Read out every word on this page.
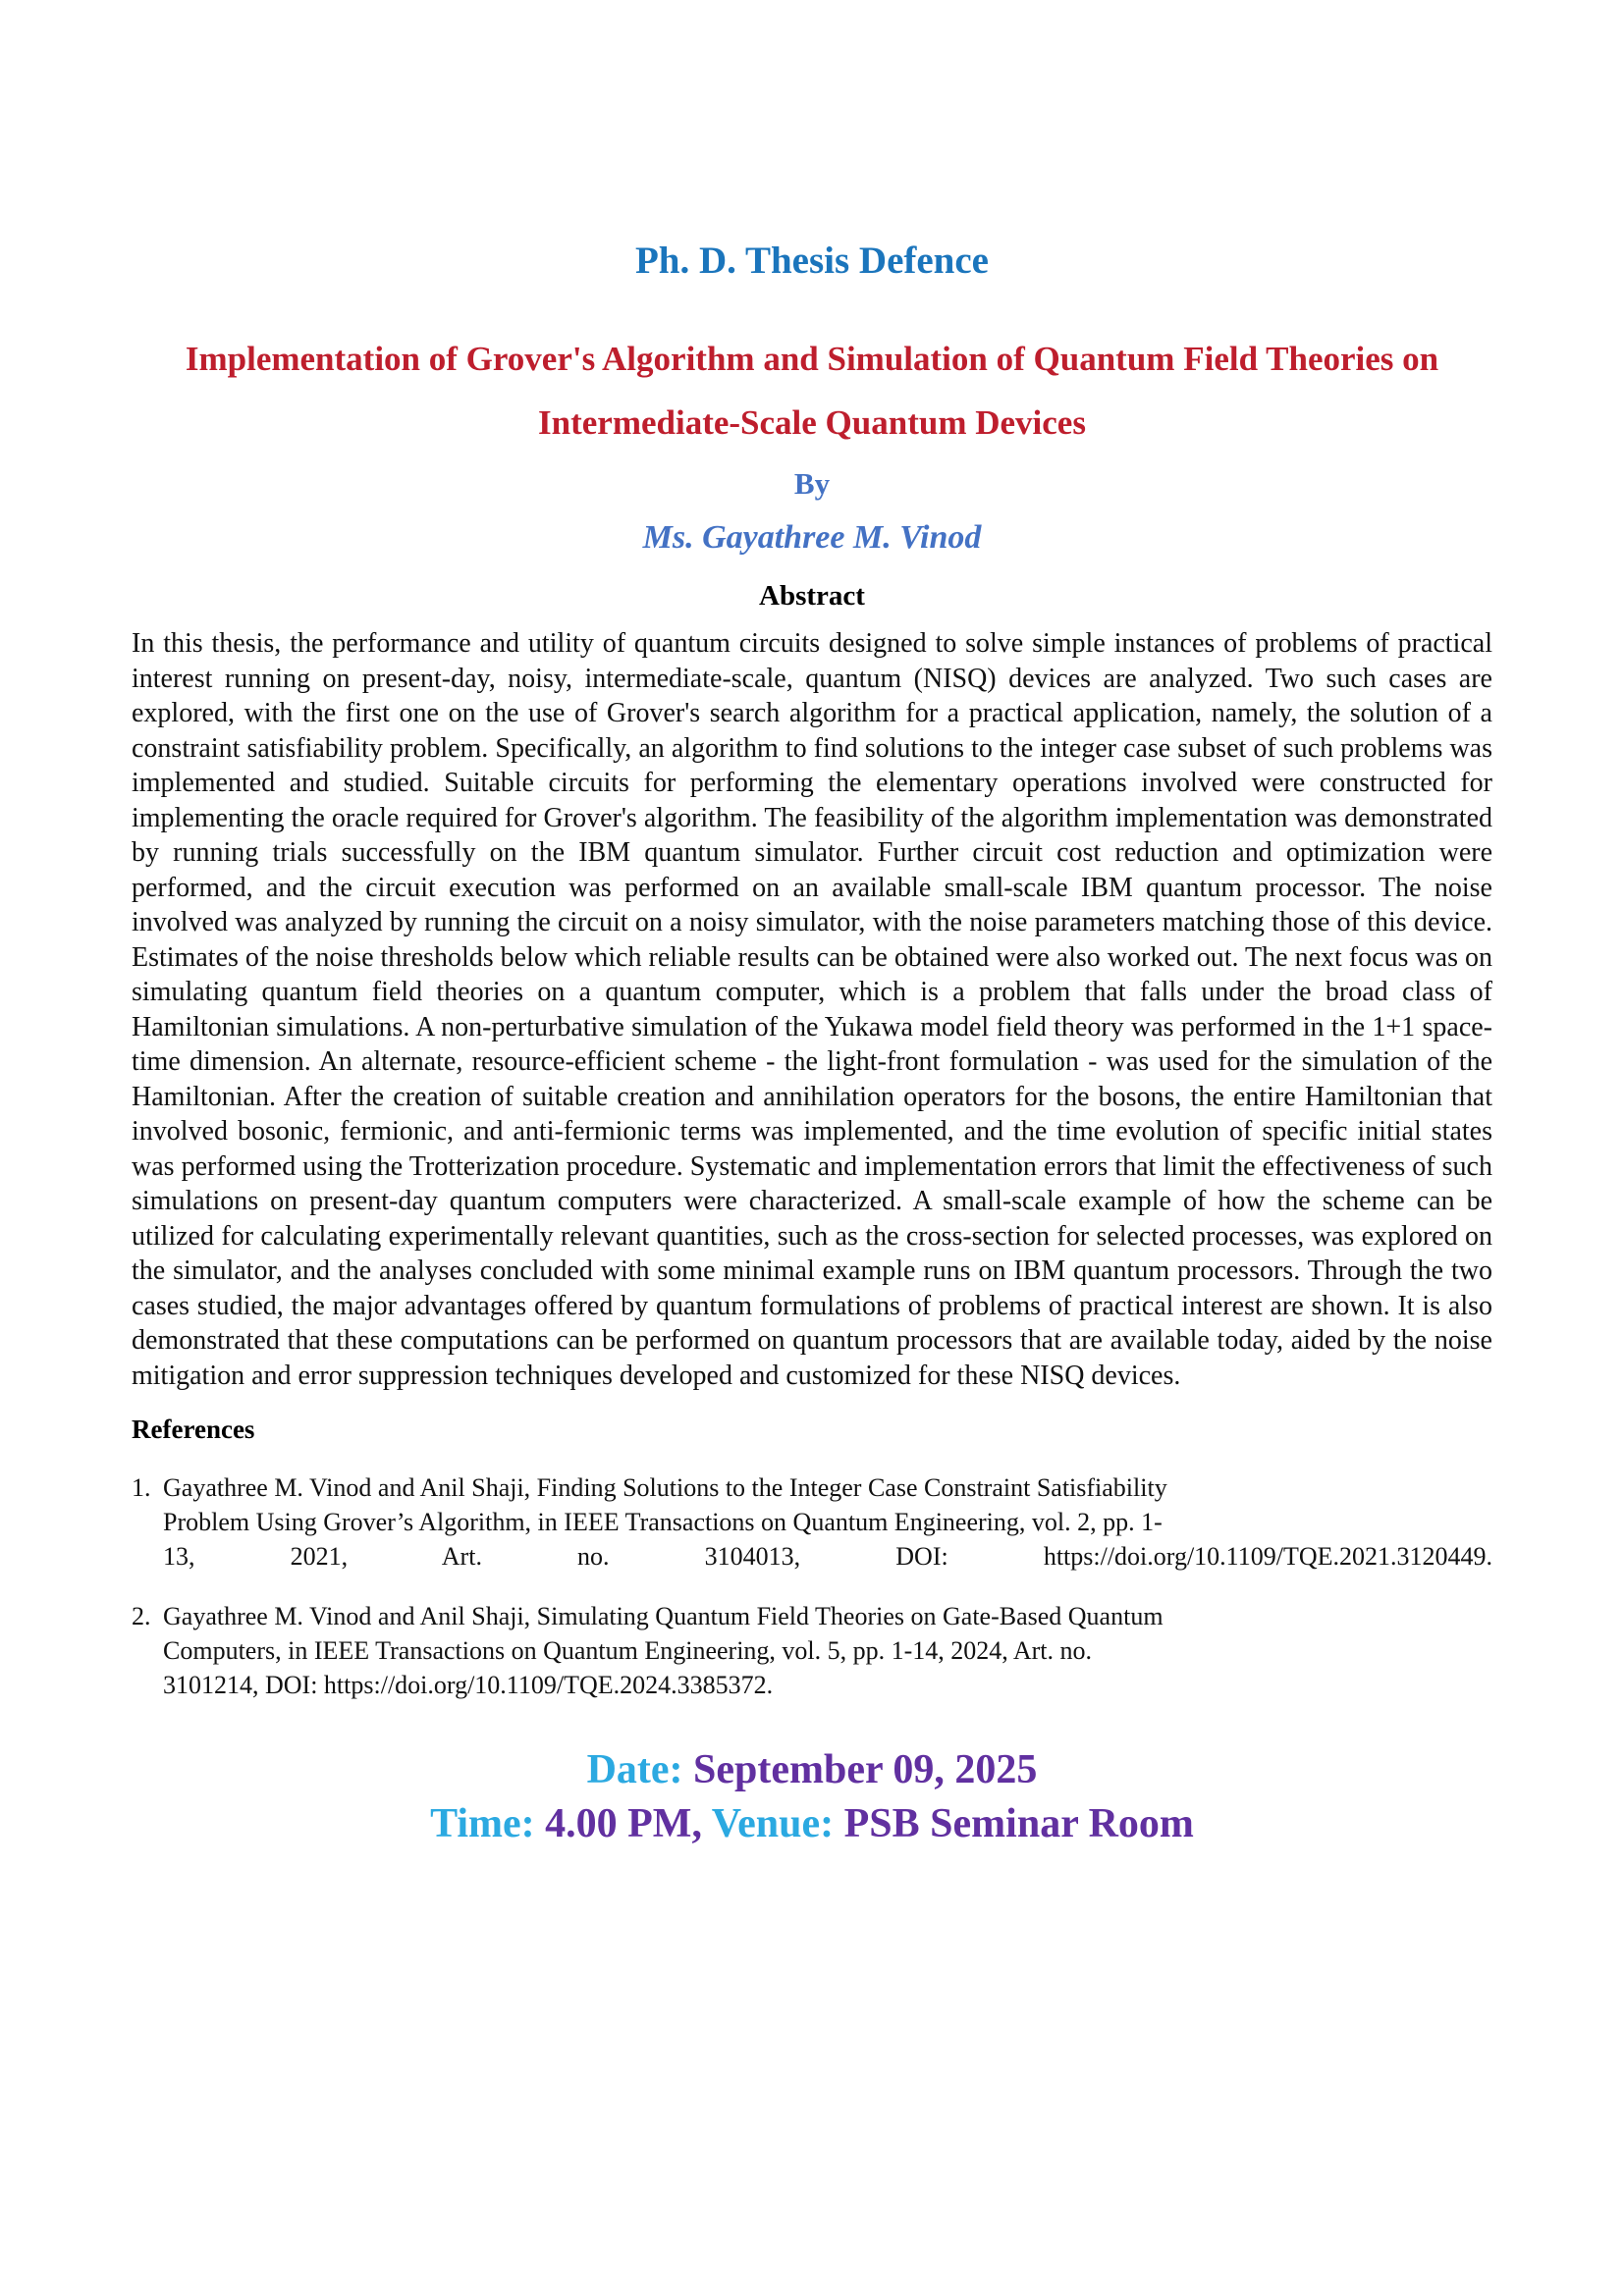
Ph. D. Thesis Defence
Implementation of Grover's Algorithm and Simulation of Quantum Field Theories on Intermediate-Scale Quantum Devices
By
Ms. Gayathree M. Vinod
Abstract
In this thesis, the performance and utility of quantum circuits designed to solve simple instances of problems of practical interest running on present-day, noisy, intermediate-scale, quantum (NISQ) devices are analyzed. Two such cases are explored, with the first one on the use of Grover's search algorithm for a practical application, namely, the solution of a constraint satisfiability problem. Specifically, an algorithm to find solutions to the integer case subset of such problems was implemented and studied. Suitable circuits for performing the elementary operations involved were constructed for implementing the oracle required for Grover's algorithm. The feasibility of the algorithm implementation was demonstrated by running trials successfully on the IBM quantum simulator. Further circuit cost reduction and optimization were performed, and the circuit execution was performed on an available small-scale IBM quantum processor. The noise involved was analyzed by running the circuit on a noisy simulator, with the noise parameters matching those of this device. Estimates of the noise thresholds below which reliable results can be obtained were also worked out. The next focus was on simulating quantum field theories on a quantum computer, which is a problem that falls under the broad class of Hamiltonian simulations. A non-perturbative simulation of the Yukawa model field theory was performed in the 1+1 space-time dimension. An alternate, resource-efficient scheme - the light-front formulation - was used for the simulation of the Hamiltonian. After the creation of suitable creation and annihilation operators for the bosons, the entire Hamiltonian that involved bosonic, fermionic, and anti-fermionic terms was implemented, and the time evolution of specific initial states was performed using the Trotterization procedure. Systematic and implementation errors that limit the effectiveness of such simulations on present-day quantum computers were characterized. A small-scale example of how the scheme can be utilized for calculating experimentally relevant quantities, such as the cross-section for selected processes, was explored on the simulator, and the analyses concluded with some minimal example runs on IBM quantum processors. Through the two cases studied, the major advantages offered by quantum formulations of problems of practical interest are shown. It is also demonstrated that these computations can be performed on quantum processors that are available today, aided by the noise mitigation and error suppression techniques developed and customized for these NISQ devices.
References
1. Gayathree M. Vinod and Anil Shaji, Finding Solutions to the Integer Case Constraint Satisfiability
Problem Using Grover’s Algorithm, in IEEE Transactions on Quantum Engineering, vol. 2, pp. 1-
13, 2021, Art. no. 3104013, DOI: https://doi.org/10.1109/TQE.2021.3120449.
2. Gayathree M. Vinod and Anil Shaji, Simulating Quantum Field Theories on Gate-Based Quantum
Computers, in IEEE Transactions on Quantum Engineering, vol. 5, pp. 1-14, 2024, Art. no.
3101214, DOI: https://doi.org/10.1109/TQE.2024.3385372.
Date: September 09, 2025
Time: 4.00 PM, Venue: PSB Seminar Room
